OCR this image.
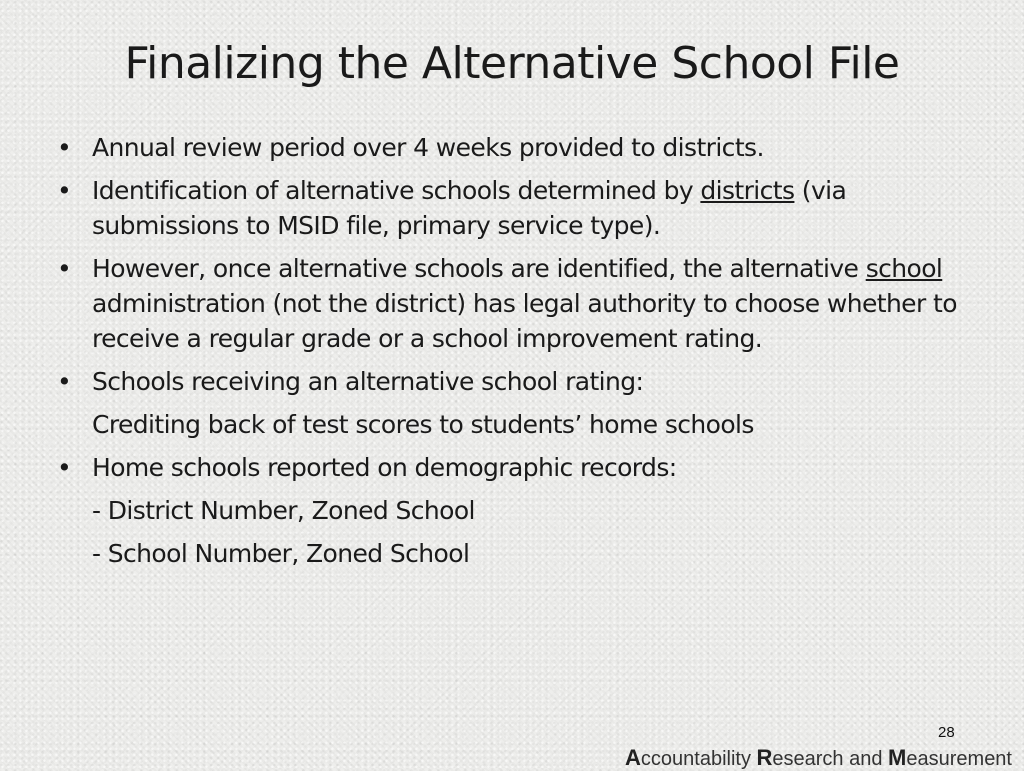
Finalizing the Alternative School File
• Annual review period over 4 weeks provided to districts.
• Identification of alternative schools determined by districts (via submissions to MSID file, primary service type).
• However, once alternative schools are identified, the alternative school administration (not the district) has legal authority to choose whether to receive a regular grade or a school improvement rating.
• Schools receiving an alternative school rating:
Crediting back of test scores to students’ home schools
• Home schools reported on demographic records:
- District Number, Zoned School
- School Number, Zoned School
28
Accountability Research and Measurement
